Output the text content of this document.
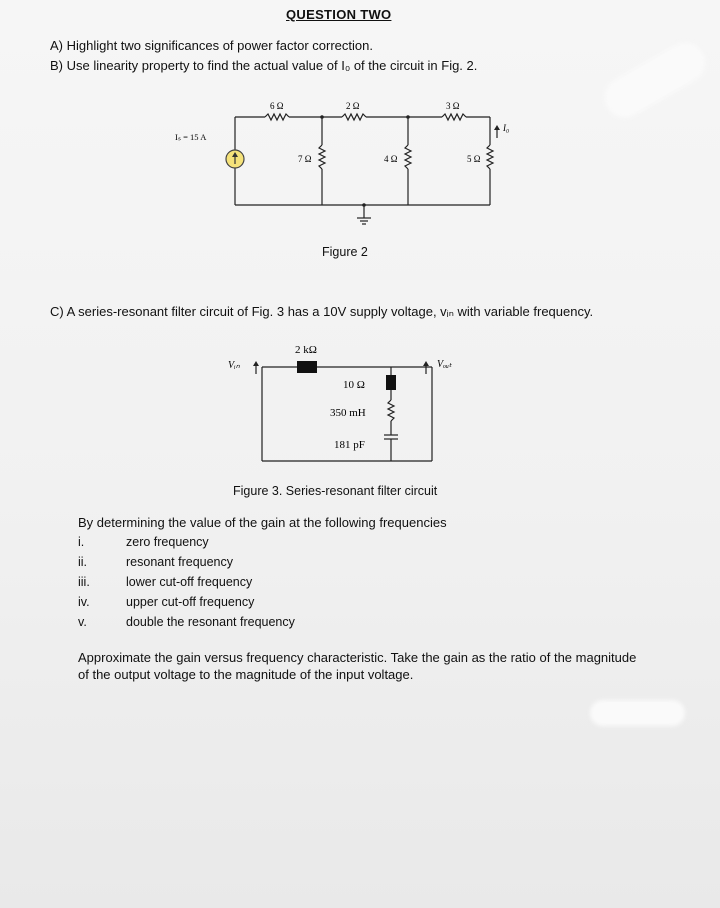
QUESTION TWO
A) Highlight two significances of power factor correction.
B) Use linearity property to find the actual value of I₀ of the circuit in Fig. 2.
6 Ω	2 Ω	3 Ω
7 Ω	4 Ω	5 Ω
Iₛ = 15 A
I₀
Figure 2
C) A series-resonant filter circuit of Fig. 3 has a 10V supply voltage, vᵢₙ with variable frequency.
2 kΩ
Vᵢₙ	Vₒᵤₜ
10 Ω
350 mH
181 pF
Figure 3. Series-resonant filter circuit
By determining the value of the gain at the following frequencies
i.	zero frequency
ii.	resonant frequency
iii.	lower cut-off frequency
iv.	upper cut-off frequency
v.	double the resonant frequency
Approximate the gain versus frequency characteristic. Take the gain as the ratio of the magnitude
of the output voltage to the magnitude of the input voltage.
